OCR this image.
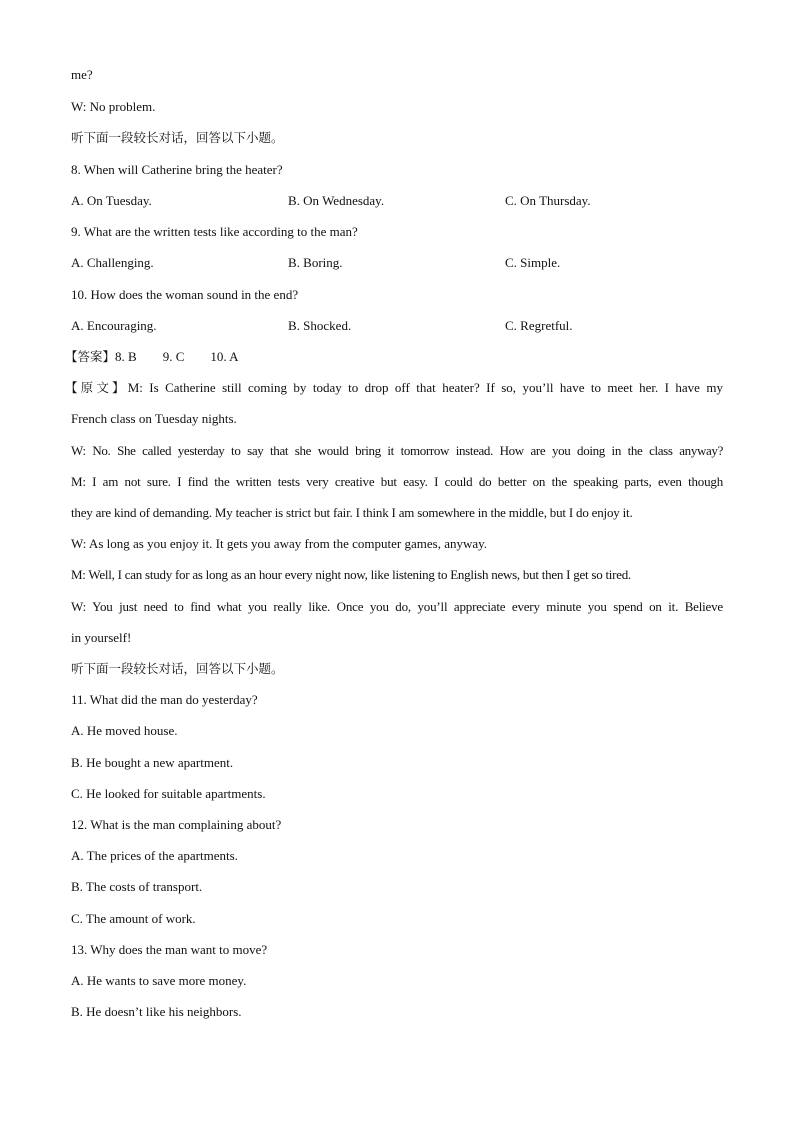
me?
W: No problem.
听下面一段较长对话，回答以下小题。
8. When will Catherine bring the heater?
A. On Tuesday.	B. On Wednesday.	C. On Thursday.
9. What are the written tests like according to the man?
A. Challenging.	B. Boring.	C. Simple.
10. How does the woman sound in the end?
A. Encouraging.	B. Shocked.	C. Regretful.
【答案】8. B 9. C 10. A
【原文】M: Is Catherine still coming by today to drop off that heater? If so, you’ll have to meet her. I have my
French class on Tuesday nights.
W: No. She called yesterday to say that she would bring it tomorrow instead. How are you doing in the class anyway?
M: I am not sure. I find the written tests very creative but easy. I could do better on the speaking parts, even though
they are kind of demanding. My teacher is strict but fair. I think I am somewhere in the middle, but I do enjoy it.
W: As long as you enjoy it. It gets you away from the computer games, anyway.
M: Well, I can study for as long as an hour every night now, like listening to English news, but then I get so tired.
W: You just need to find what you really like. Once you do, you’ll appreciate every minute you spend on it. Believe
in yourself!
听下面一段较长对话，回答以下小题。
11. What did the man do yesterday?
A. He moved house.
B. He bought a new apartment.
C. He looked for suitable apartments.
12. What is the man complaining about?
A. The prices of the apartments.
B. The costs of transport.
C. The amount of work.
13. Why does the man want to move?
A. He wants to save more money.
B. He doesn’t like his neighbors.
